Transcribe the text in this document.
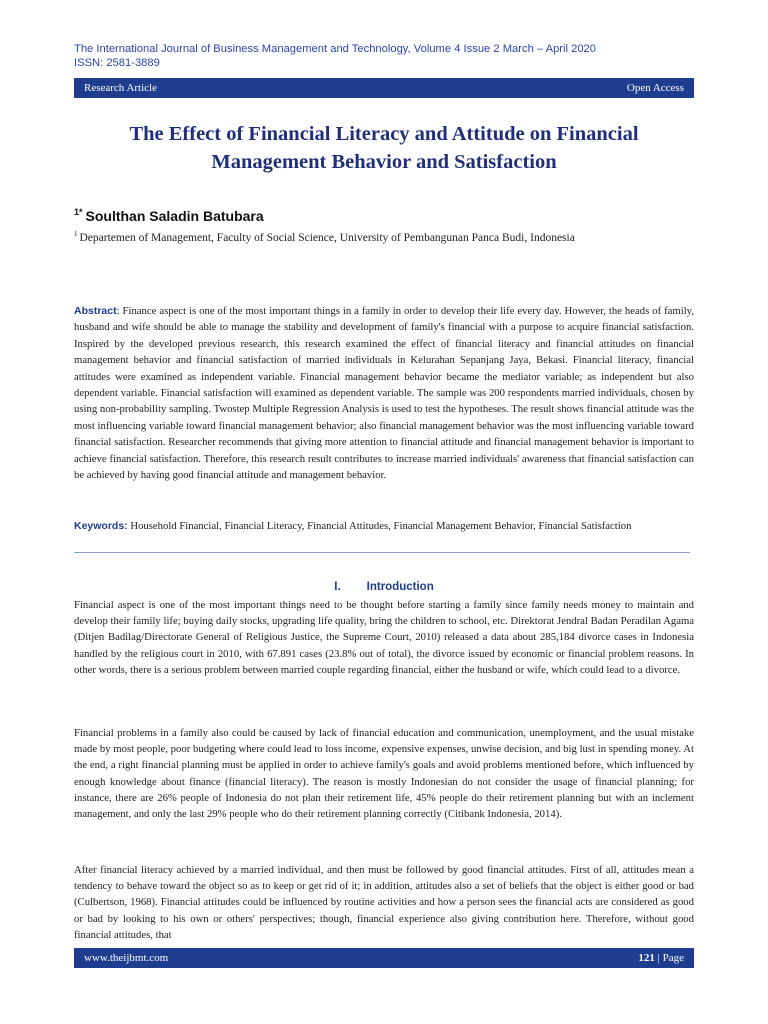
The International Journal of Business Management and Technology, Volume 4 Issue 2 March – April 2020
ISSN: 2581-3889
Research Article	Open Access
The Effect of Financial Literacy and Attitude on Financial
Management Behavior and Satisfaction
$^{1*}$ Soulthan Saladin Batubara
$^1$ Departemen of Management, Faculty of Social Science, University of Pembangunan Panca Budi, Indonesia
Abstract: Finance aspect is one of the most important things in a family in order to develop their life every day. However, the heads of family, husband and wife should be able to manage the stability and development of family's financial with a purpose to acquire financial satisfaction. Inspired by the developed previous research, this research examined the effect of financial literacy and financial attitudes on financial management behavior and financial satisfaction of married individuals in Kelurahan Sepanjang Jaya, Bekasi. Financial literacy, financial attitudes were examined as independent variable. Financial management behavior became the mediator variable; as independent but also dependent variable. Financial satisfaction will examined as dependent variable. The sample was 200 respondents married individuals, chosen by using non-probability sampling. Twostep Multiple Regression Analysis is used to test the hypotheses. The result shows financial attitude was the most influencing variable toward financial management behavior; also financial management behavior was the most influencing variable toward financial satisfaction. Researcher recommends that giving more attention to financial attitude and financial management behavior is important to achieve financial satisfaction. Therefore, this research result contributes to increase married individuals' awareness that financial satisfaction can be achieved by having good financial attitude and management behavior.
Keywords: Household Financial, Financial Literacy, Financial Attitudes, Financial Management Behavior, Financial Satisfaction
I. Introduction
Financial aspect is one of the most important things need to be thought before starting a family since family needs money to maintain and develop their family life; buying daily stocks, upgrading life quality, bring the children to school, etc. Direktorat Jendral Badan Peradilan Agama (Ditjen Badilag/Directorate General of Religious Justice, the Supreme Court, 2010) released a data about 285,184 divorce cases in Indonesia handled by the religious court in 2010, with 67.891 cases (23.8% out of total), the divorce issued by economic or financial problem reasons. In other words, there is a serious problem between married couple regarding financial, either the husband or wife, which could lead to a divorce.
Financial problems in a family also could be caused by lack of financial education and communication, unemployment, and the usual mistake made by most people, poor budgeting where could lead to loss income, expensive expenses, unwise decision, and big lust in spending money. At the end, a right financial planning must be applied in order to achieve family's goals and avoid problems mentioned before, which influenced by enough knowledge about finance (financial literacy). The reason is mostly Indonesian do not consider the usage of financial planning; for instance, there are 26% people of Indonesia do not plan their retirement life, 45% people do their retirement planning but with an inclement management, and only the last 29% people who do their retirement planning correctly (Citibank Indonesia, 2014).
After financial literacy achieved by a married individual, and then must be followed by good financial attitudes. First of all, attitudes mean a tendency to behave toward the object so as to keep or get rid of it; in addition, attitudes also a set of beliefs that the object is either good or bad (Culbertson, 1968). Financial attitudes could be influenced by routine activities and how a person sees the financial acts are considered as good or bad by looking to his own or others' perspectives; though, financial experience also giving contribution here. Therefore, without good financial attitudes, that
www.theijbmt.com	121 | Page
